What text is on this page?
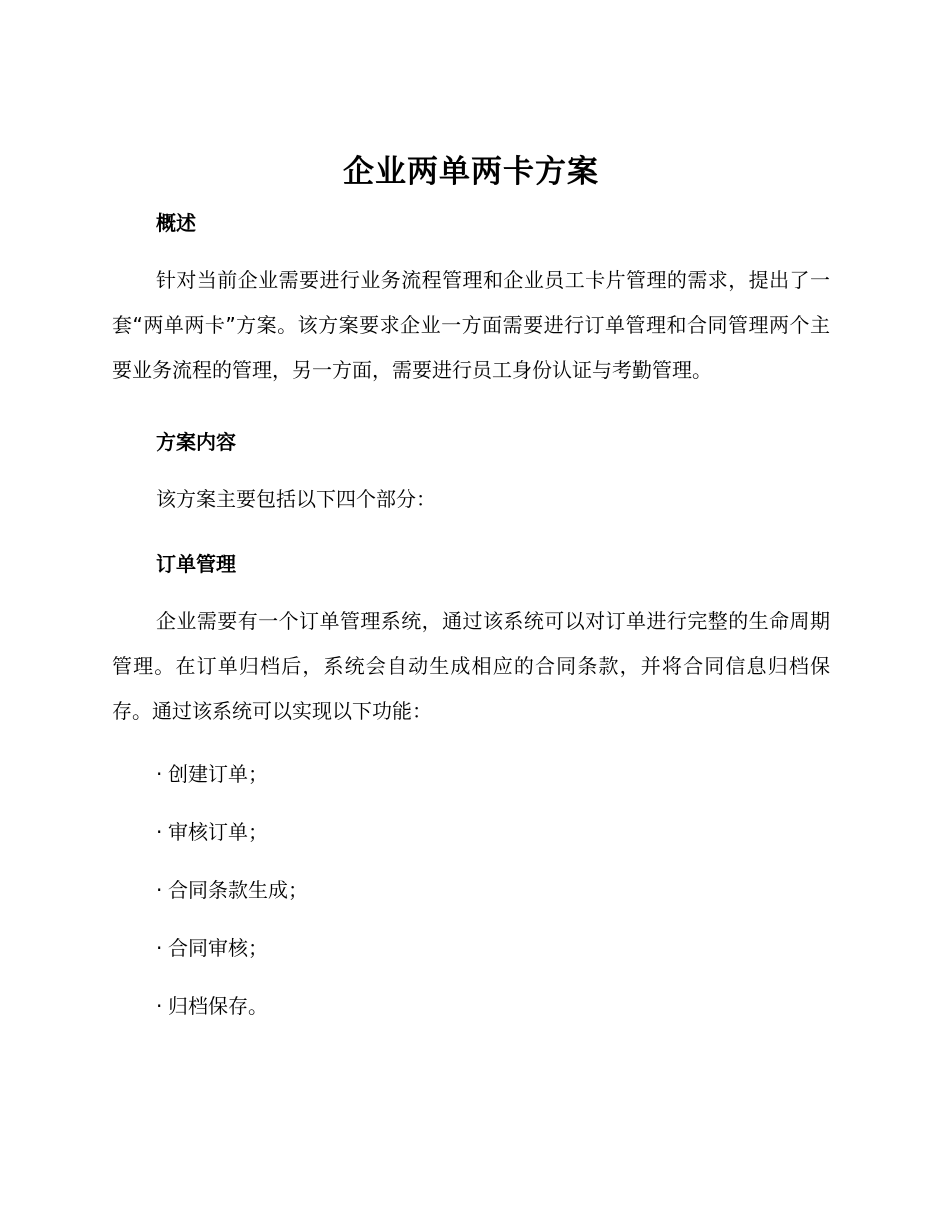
企业两单两卡方案
概述

针对当前企业需要进行业务流程管理和企业员工卡片管理的需求，提出了一套“两单两卡”方案。该方案要求企业一方面需要进行订单管理和合同管理两个主要业务流程的管理，另一方面，需要进行员工身份认证与考勤管理。

方案内容

该方案主要包括以下四个部分：

订单管理

企业需要有一个订单管理系统，通过该系统可以对订单进行完整的生命周期管理。在订单归档后，系统会自动生成相应的合同条款，并将合同信息归档保存。通过该系统可以实现以下功能：

· 创建订单；
· 审核订单；
· 合同条款生成；
· 合同审核；
· 归档保存。
